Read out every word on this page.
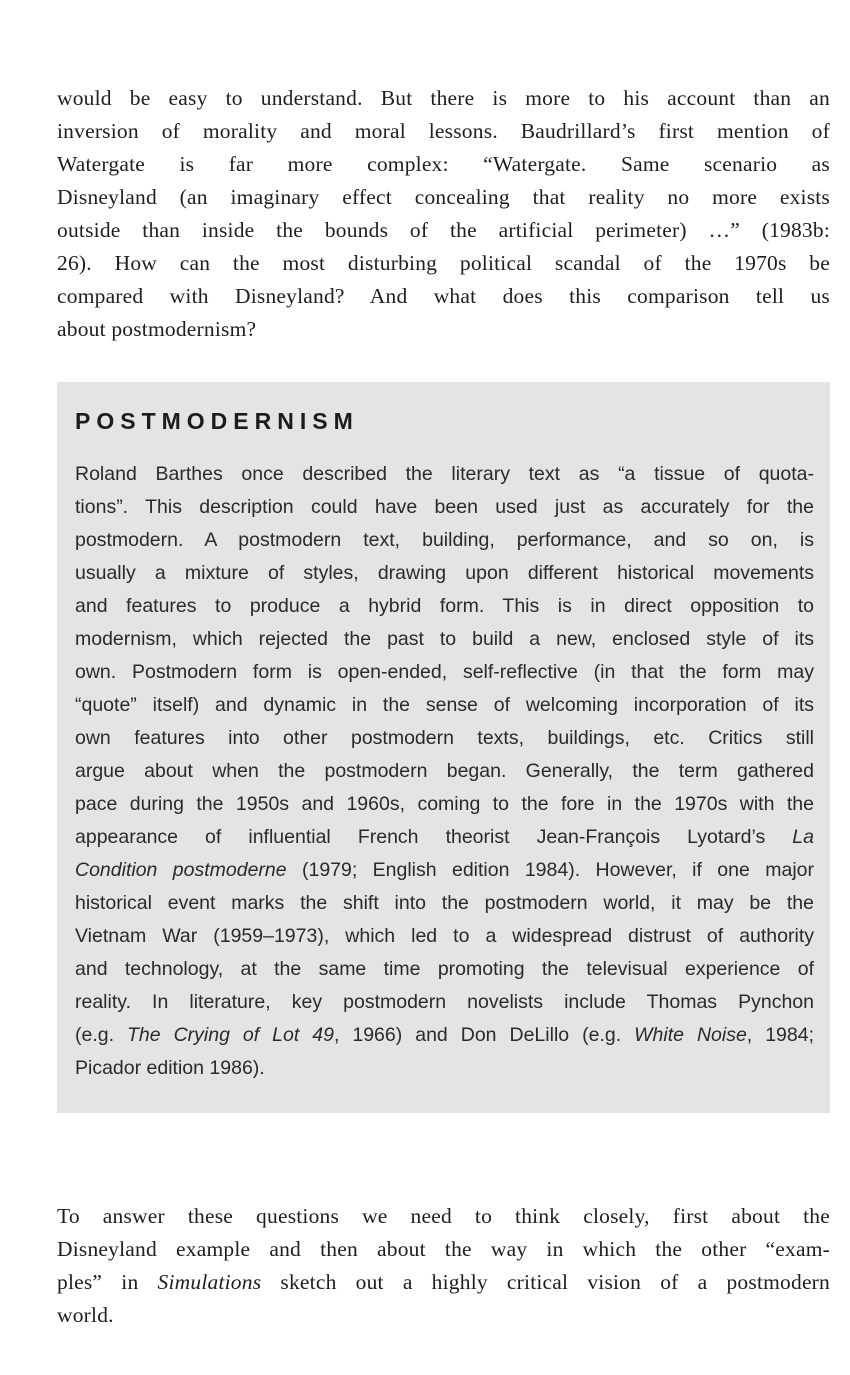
would be easy to understand. But there is more to his account than an
inversion of morality and moral lessons. Baudrillard’s first mention of
Watergate is far more complex: “Watergate. Same scenario as
Disneyland (an imaginary effect concealing that reality no more exists
outside than inside the bounds of the artificial perimeter) …” (1983b:
26). How can the most disturbing political scandal of the 1970s be
compared with Disneyland? And what does this comparison tell us
about postmodernism?
POSTMODERNISM
Roland Barthes once described the literary text as “a tissue of quota-
tions”. This description could have been used just as accurately for the
postmodern. A postmodern text, building, performance, and so on, is
usually a mixture of styles, drawing upon different historical movements
and features to produce a hybrid form. This is in direct opposition to
modernism, which rejected the past to build a new, enclosed style of its
own. Postmodern form is open-ended, self-reflective (in that the form may
“quote” itself) and dynamic in the sense of welcoming incorporation of its
own features into other postmodern texts, buildings, etc. Critics still
argue about when the postmodern began. Generally, the term gathered
pace during the 1950s and 1960s, coming to the fore in the 1970s with the
appearance of influential French theorist Jean-François Lyotard’s La
Condition postmoderne (1979; English edition 1984). However, if one major
historical event marks the shift into the postmodern world, it may be the
Vietnam War (1959–1973), which led to a widespread distrust of authority
and technology, at the same time promoting the televisual experience of
reality. In literature, key postmodern novelists include Thomas Pynchon
(e.g. The Crying of Lot 49, 1966) and Don DeLillo (e.g. White Noise, 1984;
Picador edition 1986).
To answer these questions we need to think closely, first about the
Disneyland example and then about the way in which the other “exam-
ples” in Simulations sketch out a highly critical vision of a postmodern
world.
